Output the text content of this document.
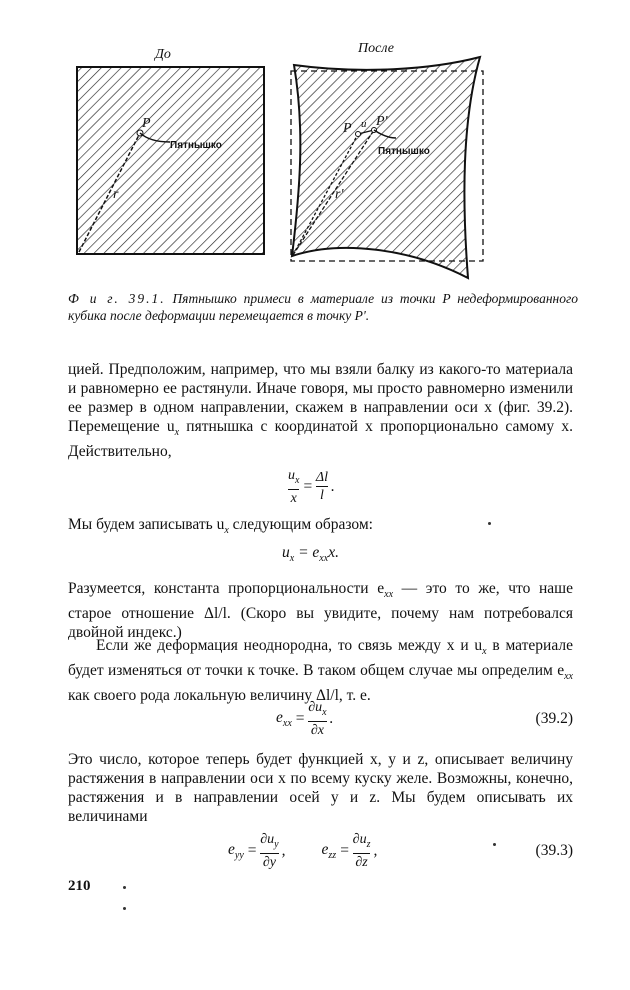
До
P
r
Пятнышко
После
P u P'
r'
Пятнышко
Ф и г. 39.1. Пятнышко примеси в материале из точки P недеформированного кубика после деформации перемещается в точку P'.

цией. Предположим, например, что мы взяли балку из какого-то материала и равномерно ее растянули. Иначе говоря, мы просто равномерно изменили ее размер в одном направлении, скажем в направлении оси x (фиг. 39.2). Перемещение $u_x$ пятнышка с координатой x пропорционально самому x. Действительно,

$\frac{u_x}{x} = \frac{\Delta l}{l}$ .

Мы будем записывать $u_x$ следующим образом:

$u_x = e_{xx}x$.

Разумеется, константа пропорциональности $e_{xx}$ — это то же, что наше старое отношение Δl/l. (Скоро вы увидите, почему нам потребовался двойной индекс.)

Если же деформация неоднородна, то связь между x и $u_x$ в материале будет изменяться от точки к точке. В таком общем случае мы определим $e_{xx}$ как своего рода локальную величину Δl/l, т. е.

$e_{xx} = \frac{\partial u_x}{\partial x}$ .	(39.2)

Это число, которое теперь будет функцией x, y и z, описывает величину растяжения в направлении оси x по всему куску желе. Возможны, конечно, растяжения и в направлении осей y и z. Мы будем описывать их величинами

$e_{yy} = \frac{\partial u_y}{\partial y}$ , $e_{zz} = \frac{\partial u_z}{\partial z}$ ,	(39.3)
210
